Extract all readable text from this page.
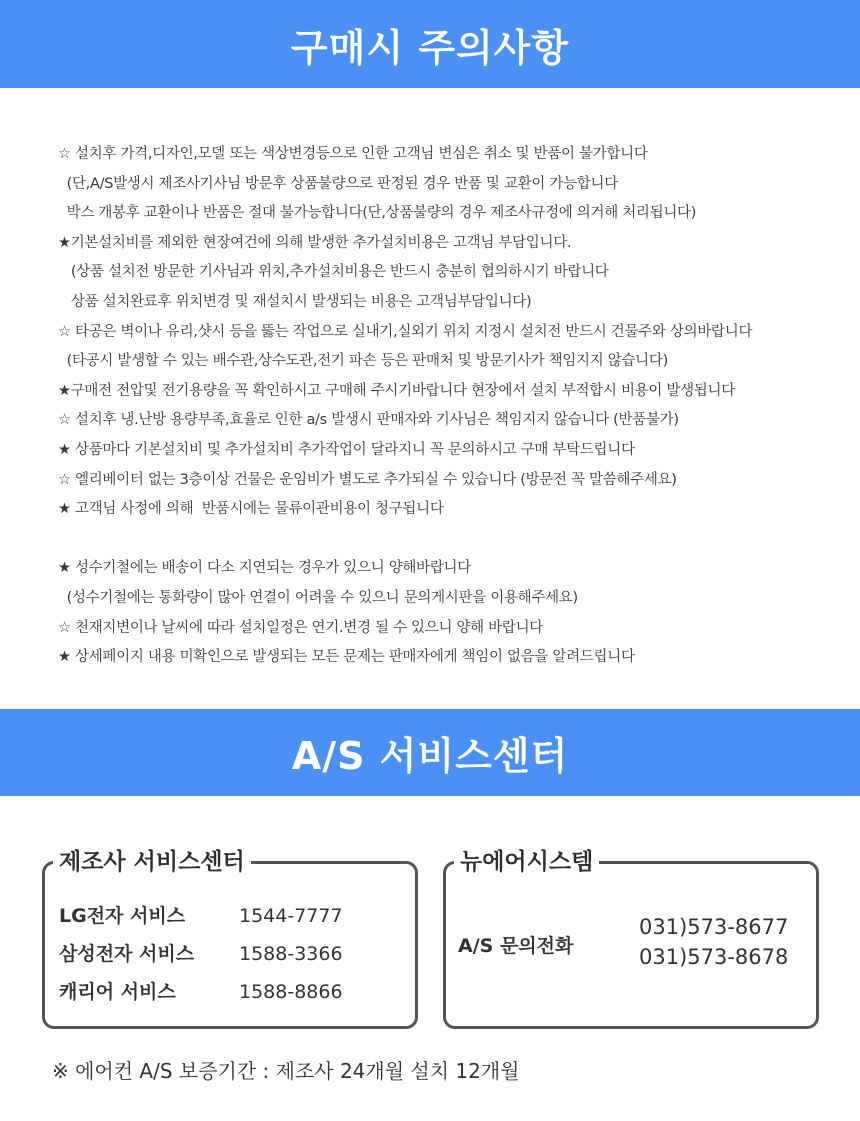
구매시 주의사항
☆ 설치후 가격,디자인,모델 또는 색상변경등으로 인한 고객님 변심은 취소 및 반품이 불가합니다
(단,A/S발생시 제조사기사님 방문후 상품불량으로 판정된 경우 반품 및 교환이 가능합니다
박스 개봉후 교환이나 반품은 절대 불가능합니다(단,상품불량의 경우 제조사규정에 의거해 처리됩니다)
★기본설치비를 제외한 현장여건에 의해 발생한 추가설치비용은 고객님 부담입니다.
(상품 설치전 방문한 기사님과 위치,추가설치비용은 반드시 충분히 협의하시기 바랍니다
상품 설치완료후 위치변경 및 재설치시 발생되는 비용은 고객님부담입니다)
☆ 타공은 벽이나 유리,샷시 등을 뚫는 작업으로 실내기,실외기 위치 지정시 설치전 반드시 건물주와 상의바랍니다
(타공시 발생할 수 있는 배수관,상수도관,전기 파손 등은 판매처 및 방문기사가 책임지지 않습니다)
★구매전 전압및 전기용량을 꼭 확인하시고 구매해 주시기바랍니다 현장에서 설치 부적합시 비용이 발생됩니다
☆ 설치후 냉.난방 용량부족,효율로 인한 a/s 발생시 판매자와 기사님은 책임지지 않습니다 (반품불가)
★ 상품마다 기본설치비 및 추가설치비 추가작업이 달라지니 꼭 문의하시고 구매 부탁드립니다
☆ 엘리베이터 없는 3층이상 건물은 운임비가 별도로 추가되실 수 있습니다 (방문전 꼭 말씀해주세요)
★ 고객님 사정에 의해  반품시에는 물류이관비용이 청구됩니다
★ 성수기철에는 배송이 다소 지연되는 경우가 있으니 양해바랍니다
(성수기철에는 통화량이 많아 연결이 어려울 수 있으니 문의게시판을 이용해주세요)
☆ 천재지변이나 날씨에 따라 설치일정은 연기.변경 될 수 있으니 양해 바랍니다
★ 상세페이지 내용 미확인으로 발생되는 모든 문제는 판매자에게 책임이 없음을 알려드립니다
A/S 서비스센터
제조사 서비스센터
LG전자 서비스	1544-7777
삼성전자 서비스 1588-3366
캐리어 서비스	1588-8866
뉴에어시스템
A/S 문의전화
031)573-8677
031)573-8678
※ 에어컨 A/S 보증기간 : 제조사 24개월 설치 12개월
